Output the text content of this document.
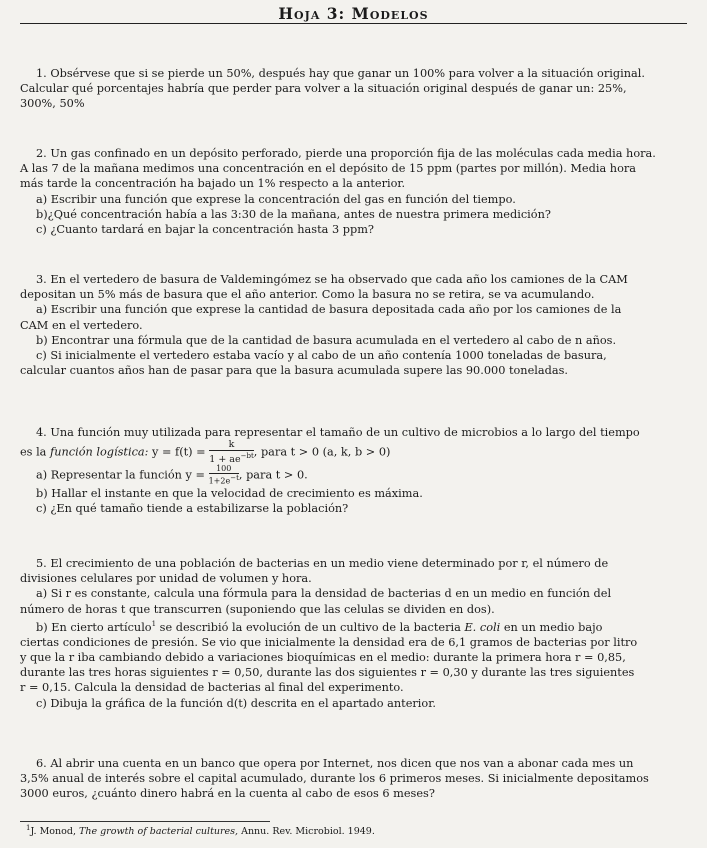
Hoja 3: Modelos
1. Obsérvese que si se pierde un 50%, después hay que ganar un 100% para volver a la situación original.
Calcular qué porcentajes habría que perder para volver a la situación original después de ganar un: 25%,
300%, 50%
2. Un gas confinado en un depósito perforado, pierde una proporción fija de las moléculas cada media hora.
A las 7 de la mañana medimos una concentración en el depósito de 15 ppm (partes por millón). Media hora
más tarde la concentración ha bajado un 1% respecto a la anterior.
a) Escribir una función que exprese la concentración del gas en función del tiempo.
b)¿Qué concentración había a las 3:30 de la mañana, antes de nuestra primera medición?
c) ¿Cuanto tardará en bajar la concentración hasta 3 ppm?
3. En el vertedero de basura de Valdemingómez se ha observado que cada año los camiones de la CAM
depositan un 5% más de basura que el año anterior. Como la basura no se retira, se va acumulando.
a) Escribir una función que exprese la cantidad de basura depositada cada año por los camiones de la
CAM en el vertedero.
b) Encontrar una fórmula que de la cantidad de basura acumulada en el vertedero al cabo de n años.
c) Si inicialmente el vertedero estaba vacío y al cabo de un año contenía 1000 toneladas de basura,
calcular cuantos años han de pasar para que la basura acumulada supere las 90.000 toneladas.
4. Una función muy utilizada para representar el tamaño de un cultivo de microbios a lo largo del tiempo
es la función logística: $y = f(t) = \frac{k}{1 + ae^{-bt}}$ , para t > 0 (a, k, b > 0)
a) Representar la función $y = \frac{100}{1+2e^{-t}}$ , para t > 0.
b) Hallar el instante en que la velocidad de crecimiento es máxima.
c) ¿En qué tamaño tiende a estabilizarse la población?
5. El crecimiento de una población de bacterias en un medio viene determinado por r, el número de
divisiones celulares por unidad de volumen y hora.
a) Si r es constante, calcula una fórmula para la densidad de bacterias d en un medio en función del
número de horas t que transcurren (suponiendo que las celulas se dividen en dos).
b) En cierto artículo$^1$ se describió la evolución de un cultivo de la bacteria E. coli en un medio bajo
ciertas condiciones de presión. Se vio que inicialmente la densidad era de 6,1 gramos de bacterias por litro
y que la r iba cambiando debido a variaciones bioquímicas en el medio: durante la primera hora r = 0,85,
durante las tres horas siguientes r = 0,50, durante las dos siguientes r = 0,30 y durante las tres siguientes
r = 0,15. Calcula la densidad de bacterias al final del experimento.
c) Dibuja la gráfica de la función d(t) descrita en el apartado anterior.
6. Al abrir una cuenta en un banco que opera por Internet, nos dicen que nos van a abonar cada mes un
3,5% anual de interés sobre el capital acumulado, durante los 6 primeros meses. Si inicialmente depositamos
3000 euros, ¿cuánto dinero habrá en la cuenta al cabo de esos 6 meses?
$^1$J. Monod, The growth of bacterial cultures, Annu. Rev. Microbiol. 1949.
